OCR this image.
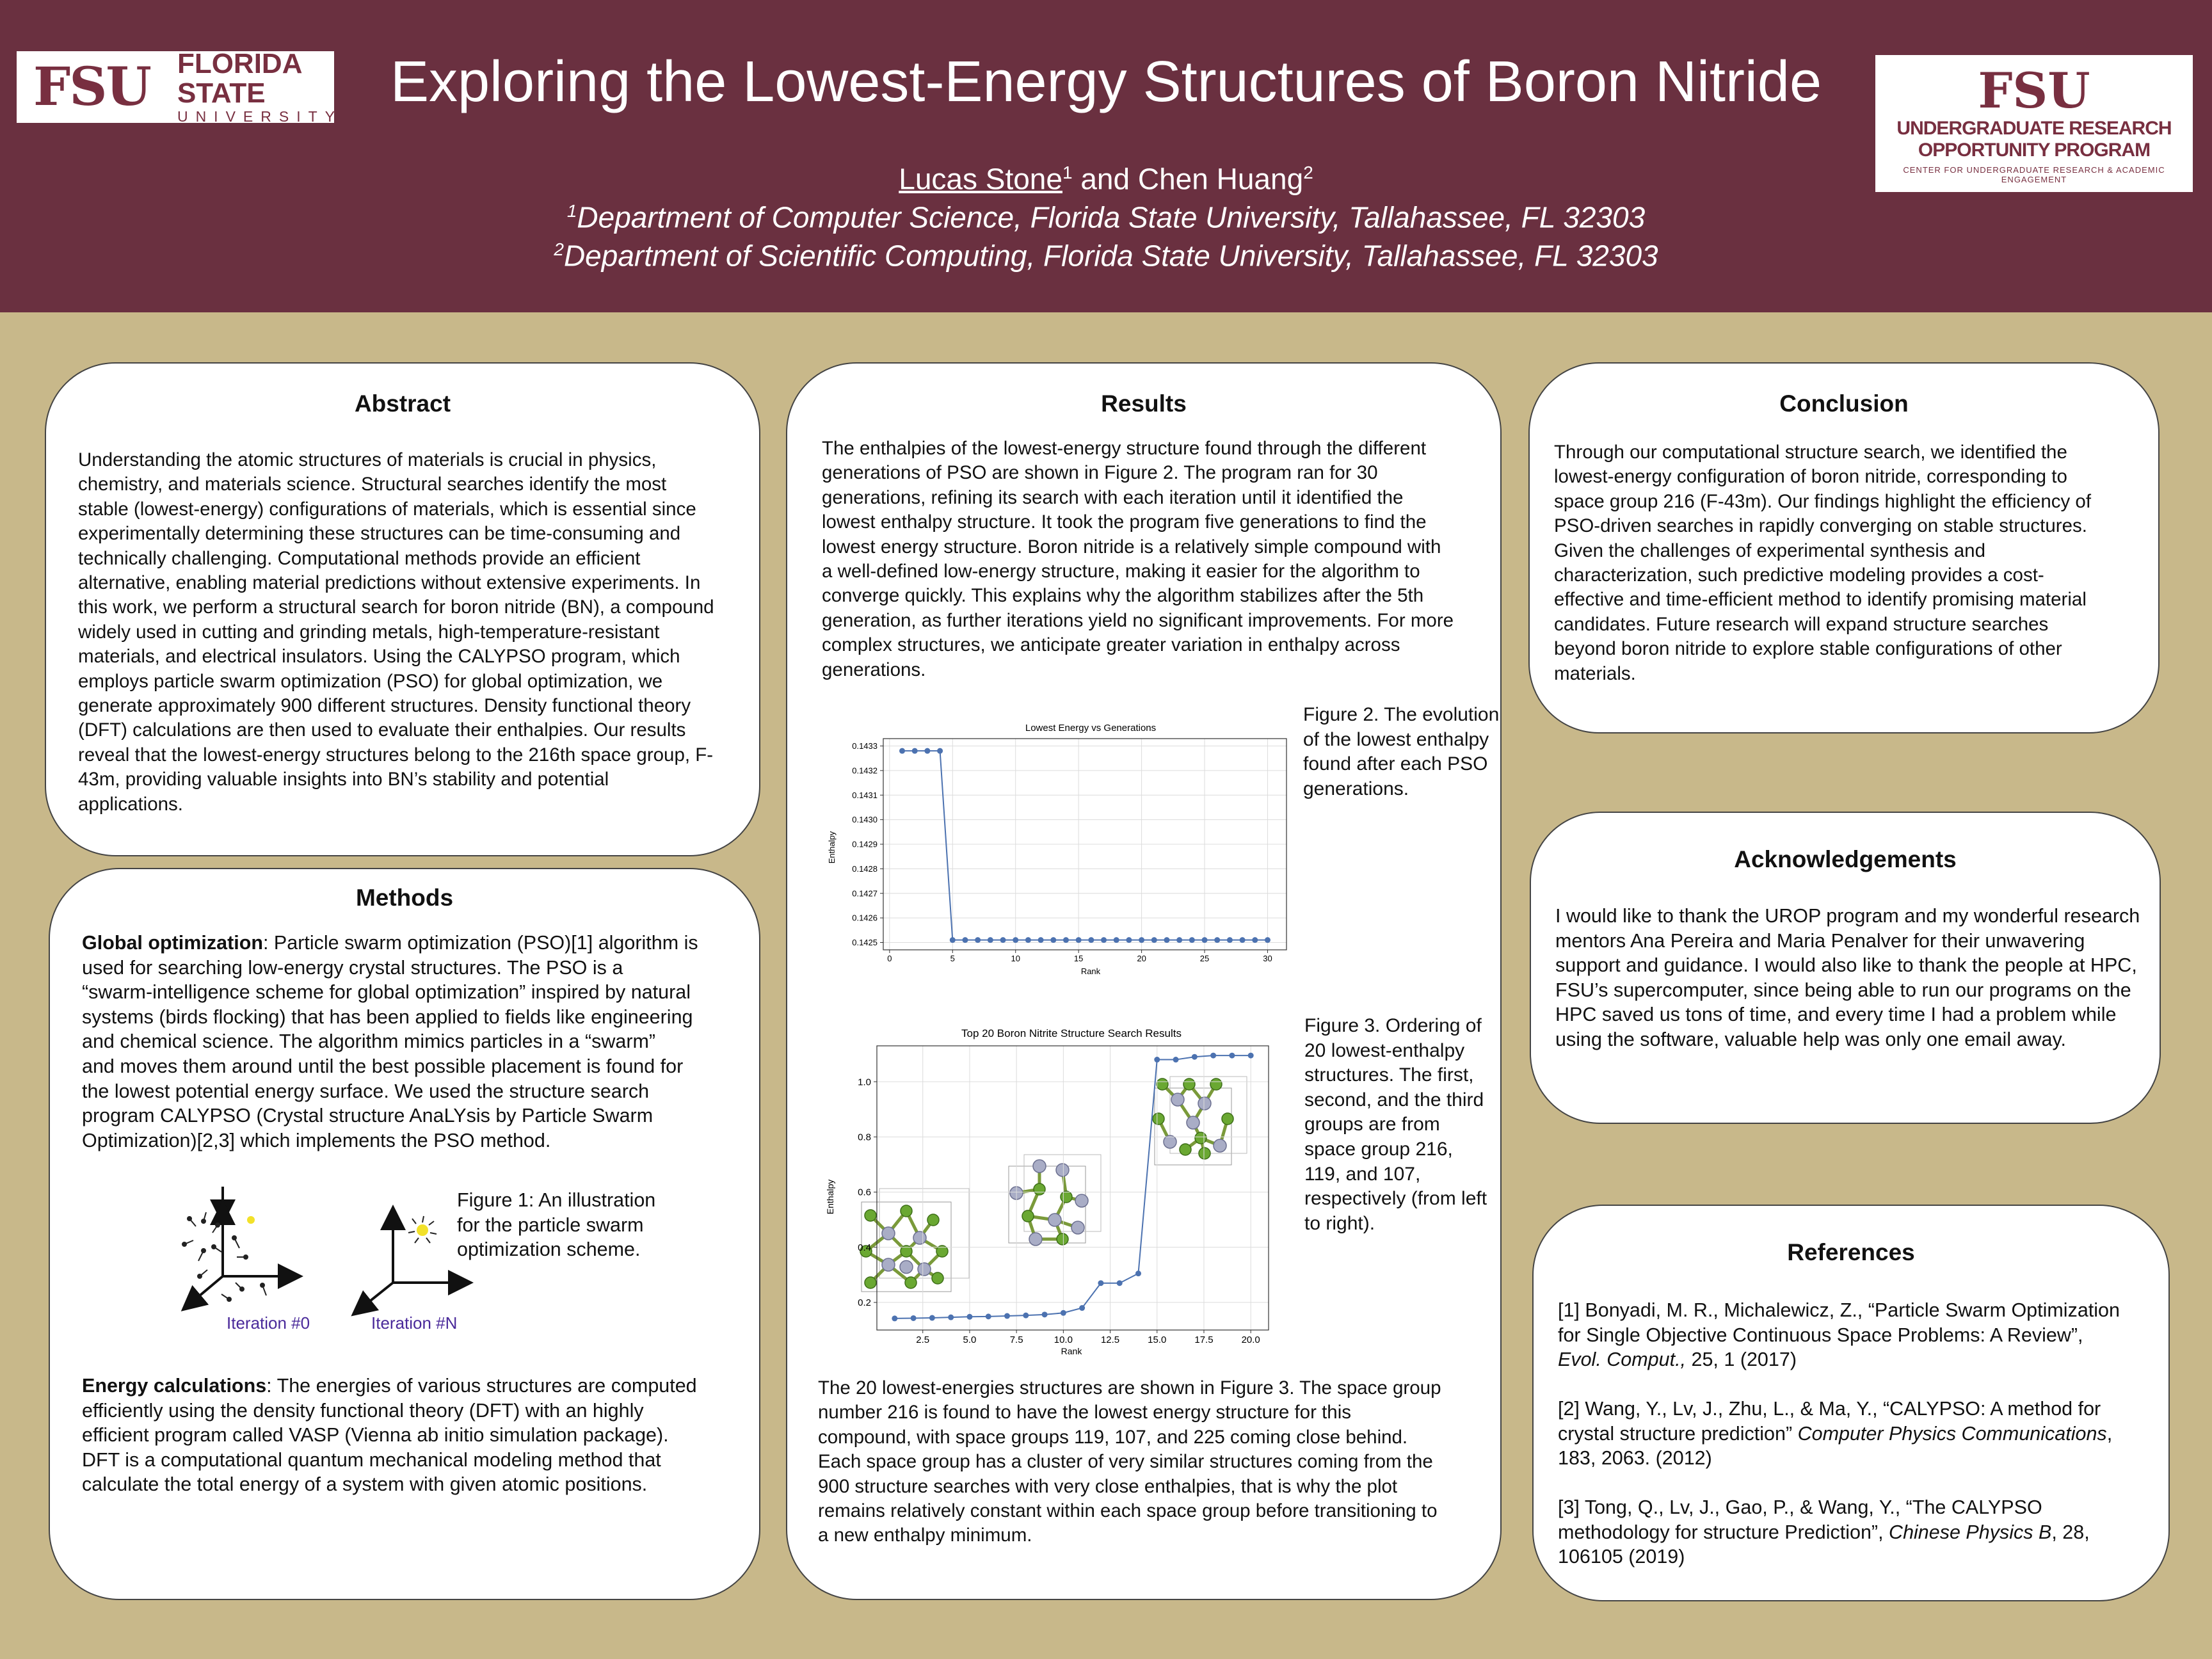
FSU FLORIDA STATE
UNIVERSITY
Exploring the Lowest-Energy Structures of Boron Nitride
Lucas Stone$^1$ and Chen Huang$^2$
$^1$Department of Computer Science, Florida State University, Tallahassee, FL 32303
$^2$Department of Scientific Computing, Florida State University, Tallahassee, FL 32303
FSU
UNDERGRADUATE RESEARCH
OPPORTUNITY PROGRAM
CENTER FOR UNDERGRADUATE RESEARCH & ACADEMIC ENGAGEMENT
Abstract
Understanding the atomic structures of materials is crucial in physics,
chemistry, and materials science. Structural searches identify the most
stable (lowest-energy) configurations of materials, which is essential since
experimentally determining these structures can be time-consuming and
technically challenging. Computational methods provide an efficient
alternative, enabling material predictions without extensive experiments. In
this work, we perform a structural search for boron nitride (BN), a compound
widely used in cutting and grinding metals, high-temperature-resistant
materials, and electrical insulators. Using the CALYPSO program, which
employs particle swarm optimization (PSO) for global optimization, we
generate approximately 900 different structures. Density functional theory
(DFT) calculations are then used to evaluate their enthalpies. Our results
reveal that the lowest-energy structures belong to the 216th space group, F-
43m, providing valuable insights into BN’s stability and potential
applications.
Methods
Global optimization: Particle swarm optimization (PSO)[1] algorithm is
used for searching low-energy crystal structures. The PSO is a
“swarm-intelligence scheme for global optimization” inspired by natural
systems (birds flocking) that has been applied to fields like engineering
and chemical science. The algorithm mimics particles in a “swarm”
and moves them around until the best possible placement is found for
the lowest potential energy surface. We used the structure search
program CALYPSO (Crystal structure AnaLYsis by Particle Swarm
Optimization)[2,3] which implements the PSO method.
Iteration #0	Iteration #N
Figure 1: An illustration
for the particle swarm
optimization scheme.
Energy calculations: The energies of various structures are computed
efficiently using the density functional theory (DFT) with an highly
efficient program called VASP (Vienna ab initio simulation package).
DFT is a computational quantum mechanical modeling method that
calculate the total energy of a system with given atomic positions.
Results
The enthalpies of the lowest-energy structure found through the different
generations of PSO are shown in Figure 2. The program ran for 30
generations, refining its search with each iteration until it identified the
lowest enthalpy structure. It took the program five generations to find the
lowest energy structure. Boron nitride is a relatively simple compound with
a well-defined low-energy structure, making it easier for the algorithm to
converge quickly. This explains why the algorithm stabilizes after the 5th
generation, as further iterations yield no significant improvements. For more
complex structures, we anticipate greater variation in enthalpy across
generations.
Lowest Energy vs Generations
Rank
Enthalpy
0	5	10	15	20	25	30
0.1425
0.1426
0.1427
0.1428
0.1429
0.1430
0.1431
0.1432
0.1433
Figure 2. The evolution
of the lowest enthalpy
found after each PSO
generations.
Top 20 Boron Nitrite Structure Search Results
Rank
Enthalpy
2.5	5.0	7.5	10.0	12.5	15.0	17.5	20.0
0.2
0.4
0.6
0.8
1.0
Figure 3. Ordering of
20 lowest-enthalpy
structures. The first,
second, and the third
groups are from
space group 216,
119, and 107,
respectively (from left
to right).
The 20 lowest-energies structures are shown in Figure 3. The space group
number 216 is found to have the lowest energy structure for this
compound, with space groups 119, 107, and 225 coming close behind.
Each space group has a cluster of very similar structures coming from the
900 structure searches with very close enthalpies, that is why the plot
remains relatively constant within each space group before transitioning to
a new enthalpy minimum.
Conclusion
Through our computational structure search, we identified the
lowest-energy configuration of boron nitride, corresponding to
space group 216 (F-43m). Our findings highlight the efficiency of
PSO-driven searches in rapidly converging on stable structures.
Given the challenges of experimental synthesis and
characterization, such predictive modeling provides a cost-
effective and time-efficient method to identify promising material
candidates. Future research will expand structure searches
beyond boron nitride to explore stable configurations of other
materials.
Acknowledgements
I would like to thank the UROP program and my wonderful research
mentors Ana Pereira and Maria Penalver for their unwavering
support and guidance. I would also like to thank the people at HPC,
FSU’s supercomputer, since being able to run our programs on the
HPC saved us tons of time, and every time I had a problem while
using the software, valuable help was only one email away.
References
[1] Bonyadi, M. R., Michalewicz, Z., “Particle Swarm Optimization
for Single Objective Continuous Space Problems: A Review”,
Evol. Comput., 25, 1 (2017)
[2] Wang, Y., Lv, J., Zhu, L., & Ma, Y., “CALYPSO: A method for
crystal structure prediction” Computer Physics Communications,
183, 2063. (2012)
[3] Tong, Q., Lv, J., Gao, P., & Wang, Y., “The CALYPSO
methodology for structure Prediction”, Chinese Physics B, 28,
106105 (2019)
